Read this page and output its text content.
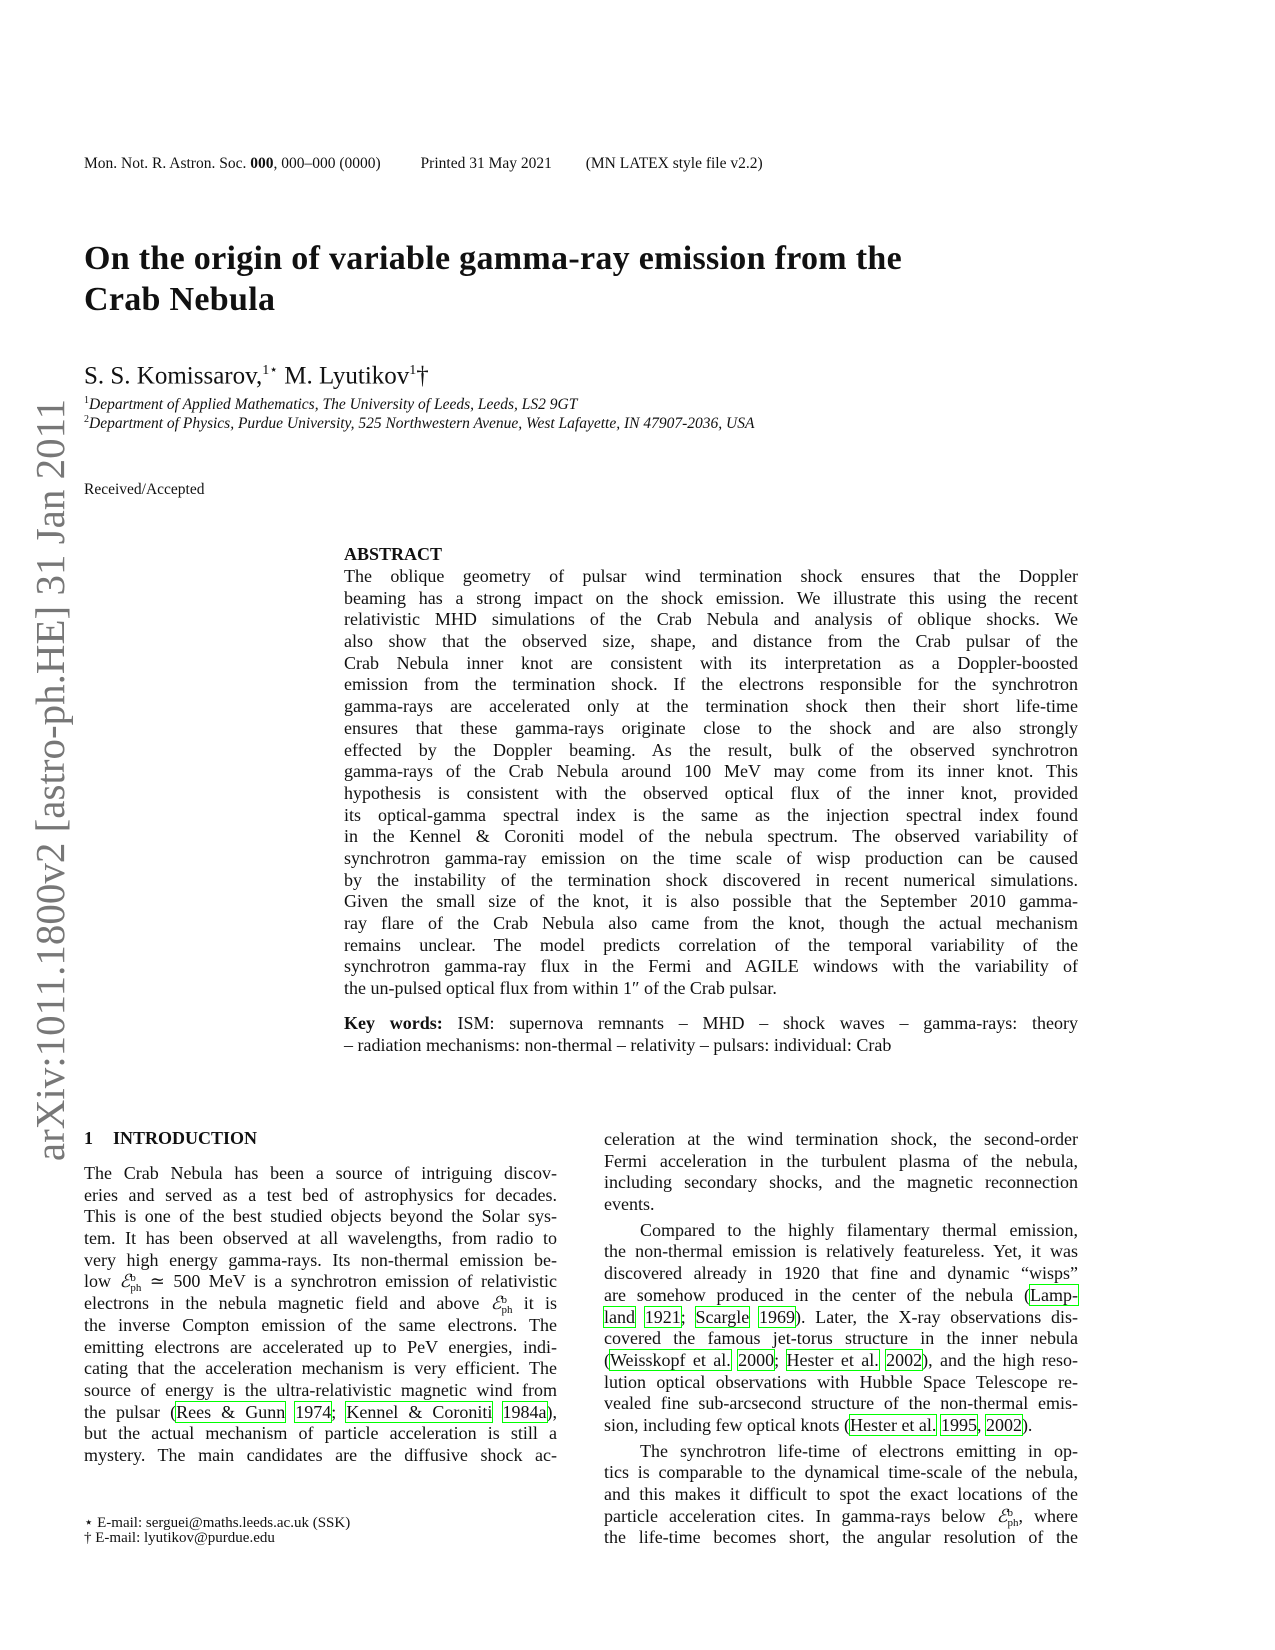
arXiv:1011.1800v2 [astro-ph.HE] 31 Jan 2011
Mon. Not. R. Astron. Soc. 000, 000–000 (0000)	Printed 31 May 2021 (MN LATEX style file v2.2)
On the origin of variable gamma-ray emission from the
Crab Nebula
S. S. Komissarov,$^{1⋆}$ M. Lyutikov$^1$†
$^1$Department of Applied Mathematics, The University of Leeds, Leeds, LS2 9GT
$^2$Department of Physics, Purdue University, 525 Northwestern Avenue, West Lafayette, IN 47907-2036, USA
Received/Accepted
ABSTRACT
The oblique geometry of pulsar wind termination shock ensures that the Doppler
beaming has a strong impact on the shock emission. We illustrate this using the recent
relativistic MHD simulations of the Crab Nebula and analysis of oblique shocks. We
also show that the observed size, shape, and distance from the Crab pulsar of the
Crab Nebula inner knot are consistent with its interpretation as a Doppler-boosted
emission from the termination shock. If the electrons responsible for the synchrotron
gamma-rays are accelerated only at the termination shock then their short life-time
ensures that these gamma-rays originate close to the shock and are also strongly
effected by the Doppler beaming. As the result, bulk of the observed synchrotron
gamma-rays of the Crab Nebula around 100 MeV may come from its inner knot. This
hypothesis is consistent with the observed optical flux of the inner knot, provided
its optical-gamma spectral index is the same as the injection spectral index found
in the Kennel & Coroniti model of the nebula spectrum. The observed variability of
synchrotron gamma-ray emission on the time scale of wisp production can be caused
by the instability of the termination shock discovered in recent numerical simulations.
Given the small size of the knot, it is also possible that the September 2010 gamma-
ray flare of the Crab Nebula also came from the knot, though the actual mechanism
remains unclear. The model predicts correlation of the temporal variability of the
synchrotron gamma-ray flux in the Fermi and AGILE windows with the variability of
the un-pulsed optical flux from within 1″ of the Crab pulsar.
Key words: ISM: supernova remnants – MHD – shock waves – gamma-rays: theory
– radiation mechanisms: non-thermal – relativity – pulsars: individual: Crab
1 INTRODUCTION
The Crab Nebula has been a source of intriguing discov-
eries and served as a test bed of astrophysics for decades.
This is one of the best studied objects beyond the Solar sys-
tem. It has been observed at all wavelengths, from radio to
very high energy gamma-rays. Its non-thermal emission be-
low ℰ b
ph ≃ 500 MeV is a synchrotron emission of relativistic
electrons in the nebula magnetic field and above ℰ b
ph it is
the inverse Compton emission of the same electrons. The
emitting electrons are accelerated up to PeV energies, indi-
cating that the acceleration mechanism is very efficient. The
source of energy is the ultra-relativistic magnetic wind from
the pulsar (Rees & Gunn 1974; Kennel & Coroniti 1984a),
but the actual mechanism of particle acceleration is still a
mystery. The main candidates are the diffusive shock ac-
celeration at the wind termination shock, the second-order
Fermi acceleration in the turbulent plasma of the nebula,
including secondary shocks, and the magnetic reconnection
events.
Compared to the highly filamentary thermal emission,
the non-thermal emission is relatively featureless. Yet, it was
discovered already in 1920 that fine and dynamic “wisps”
are somehow produced in the center of the nebula (Lamp-
land 1921; Scargle 1969). Later, the X-ray observations dis-
covered the famous jet-torus structure in the inner nebula
(Weisskopf et al. 2000; Hester et al. 2002), and the high reso-
lution optical observations with Hubble Space Telescope re-
vealed fine sub-arcsecond structure of the non-thermal emis-
sion, including few optical knots (Hester et al. 1995, 2002).
The synchrotron life-time of electrons emitting in op-
tics is comparable to the dynamical time-scale of the nebula,
and this makes it difficult to spot the exact locations of the
particle acceleration cites. In gamma-rays below ℰ b
ph , where
the life-time becomes short, the angular resolution of the
⋆ E-mail: serguei@maths.leeds.ac.uk (SSK)
† E-mail: lyutikov@purdue.edu
